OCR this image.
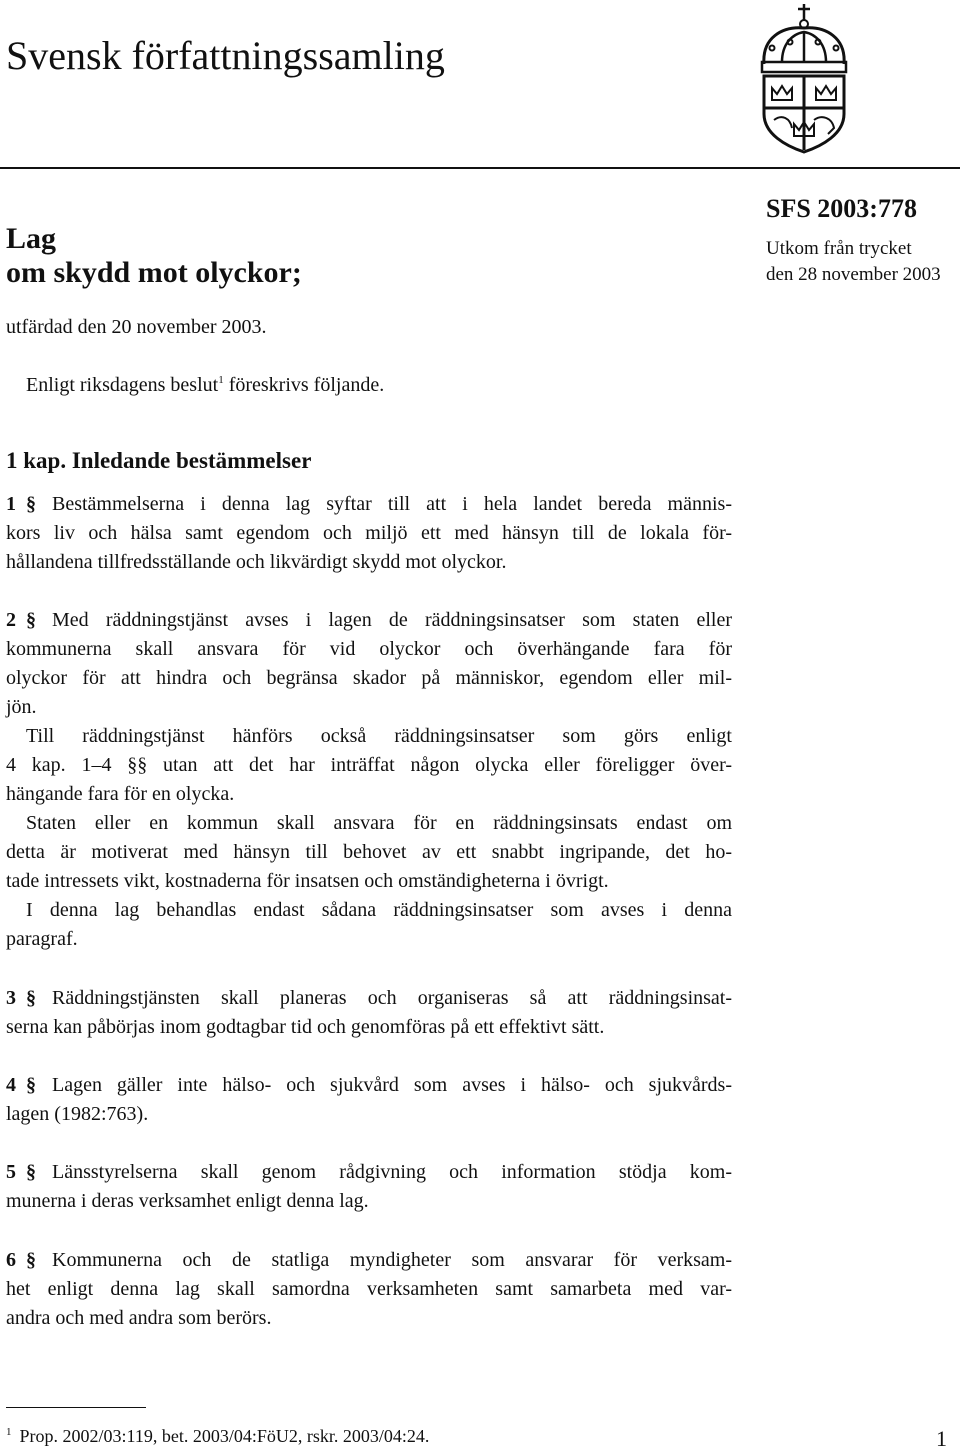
Svensk författningssamling
SFS 2003:778
Utkom från trycket
den 28 november 2003
Lag
om skydd mot olyckor;
utfärdad den 20 november 2003.
Enligt riksdagens beslut$^1$ föreskrivs följande.
1 kap. Inledande bestämmelser
1 § Bestämmelserna i denna lag syftar till att i hela landet bereda männis-
kors liv och hälsa samt egendom och miljö ett med hänsyn till de lokala för-
hållandena tillfredsställande och likvärdigt skydd mot olyckor.
2 § Med räddningstjänst avses i lagen de räddningsinsatser som staten eller
kommunerna skall ansvara för vid olyckor och överhängande fara för
olyckor för att hindra och begränsa skador på människor, egendom eller mil-
jön.
Till räddningstjänst hänförs också räddningsinsatser som görs enligt
4 kap. 1–4 §§ utan att det har inträffat någon olycka eller föreligger över-
hängande fara för en olycka.
Staten eller en kommun skall ansvara för en räddningsinsats endast om
detta är motiverat med hänsyn till behovet av ett snabbt ingripande, det ho-
tade intressets vikt, kostnaderna för insatsen och omständigheterna i övrigt.
I denna lag behandlas endast sådana räddningsinsatser som avses i denna
paragraf.
3 § Räddningstjänsten skall planeras och organiseras så att räddningsinsat-
serna kan påbörjas inom godtagbar tid och genomföras på ett effektivt sätt.
4 § Lagen gäller inte hälso- och sjukvård som avses i hälso- och sjukvårds-
lagen (1982:763).
5 § Länsstyrelserna skall genom rådgivning och information stödja kom-
munerna i deras verksamhet enligt denna lag.
6 § Kommunerna och de statliga myndigheter som ansvarar för verksam-
het enligt denna lag skall samordna verksamheten samt samarbeta med var-
andra och med andra som berörs.
$^1$ Prop. 2002/03:119, bet. 2003/04:FöU2, rskr. 2003/04:24.	1
